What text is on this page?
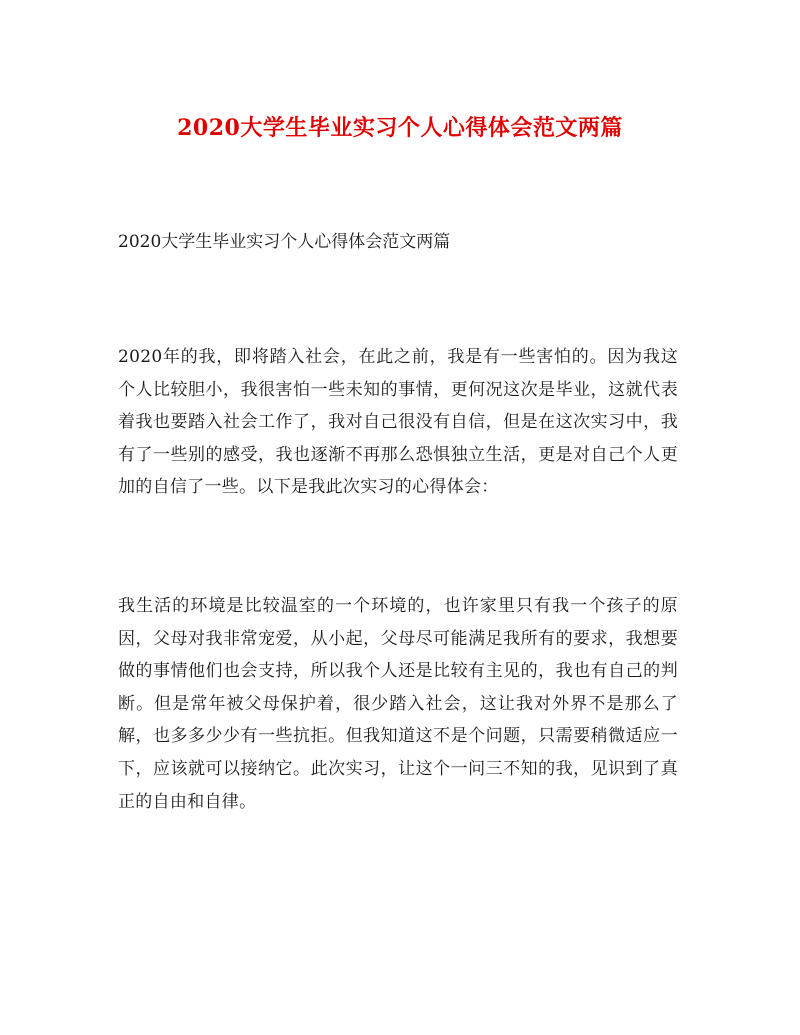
2020大学生毕业实习个人心得体会范文两篇
2020大学生毕业实习个人心得体会范文两篇

2020年的我，即将踏入社会，在此之前，我是有一些害怕的。因为我这个人比较胆小，我很害怕一些未知的事情，更何况这次是毕业，这就代表着我也要踏入社会工作了，我对自己很没有自信，但是在这次实习中，我有了一些别的感受，我也逐渐不再那么恐惧独立生活，更是对自己个人更加的自信了一些。以下是我此次实习的心得体会：

我生活的环境是比较温室的一个环境的，也许家里只有我一个孩子的原因，父母对我非常宠爱，从小起，父母尽可能满足我所有的要求，我想要做的事情他们也会支持，所以我个人还是比较有主见的，我也有自己的判断。但是常年被父母保护着，很少踏入社会，这让我对外界不是那么了解，也多多少少有一些抗拒。但我知道这不是个问题，只需要稍微适应一下，应该就可以接纳它。此次实习，让这个一问三不知的我，见识到了真正的自由和自律。
